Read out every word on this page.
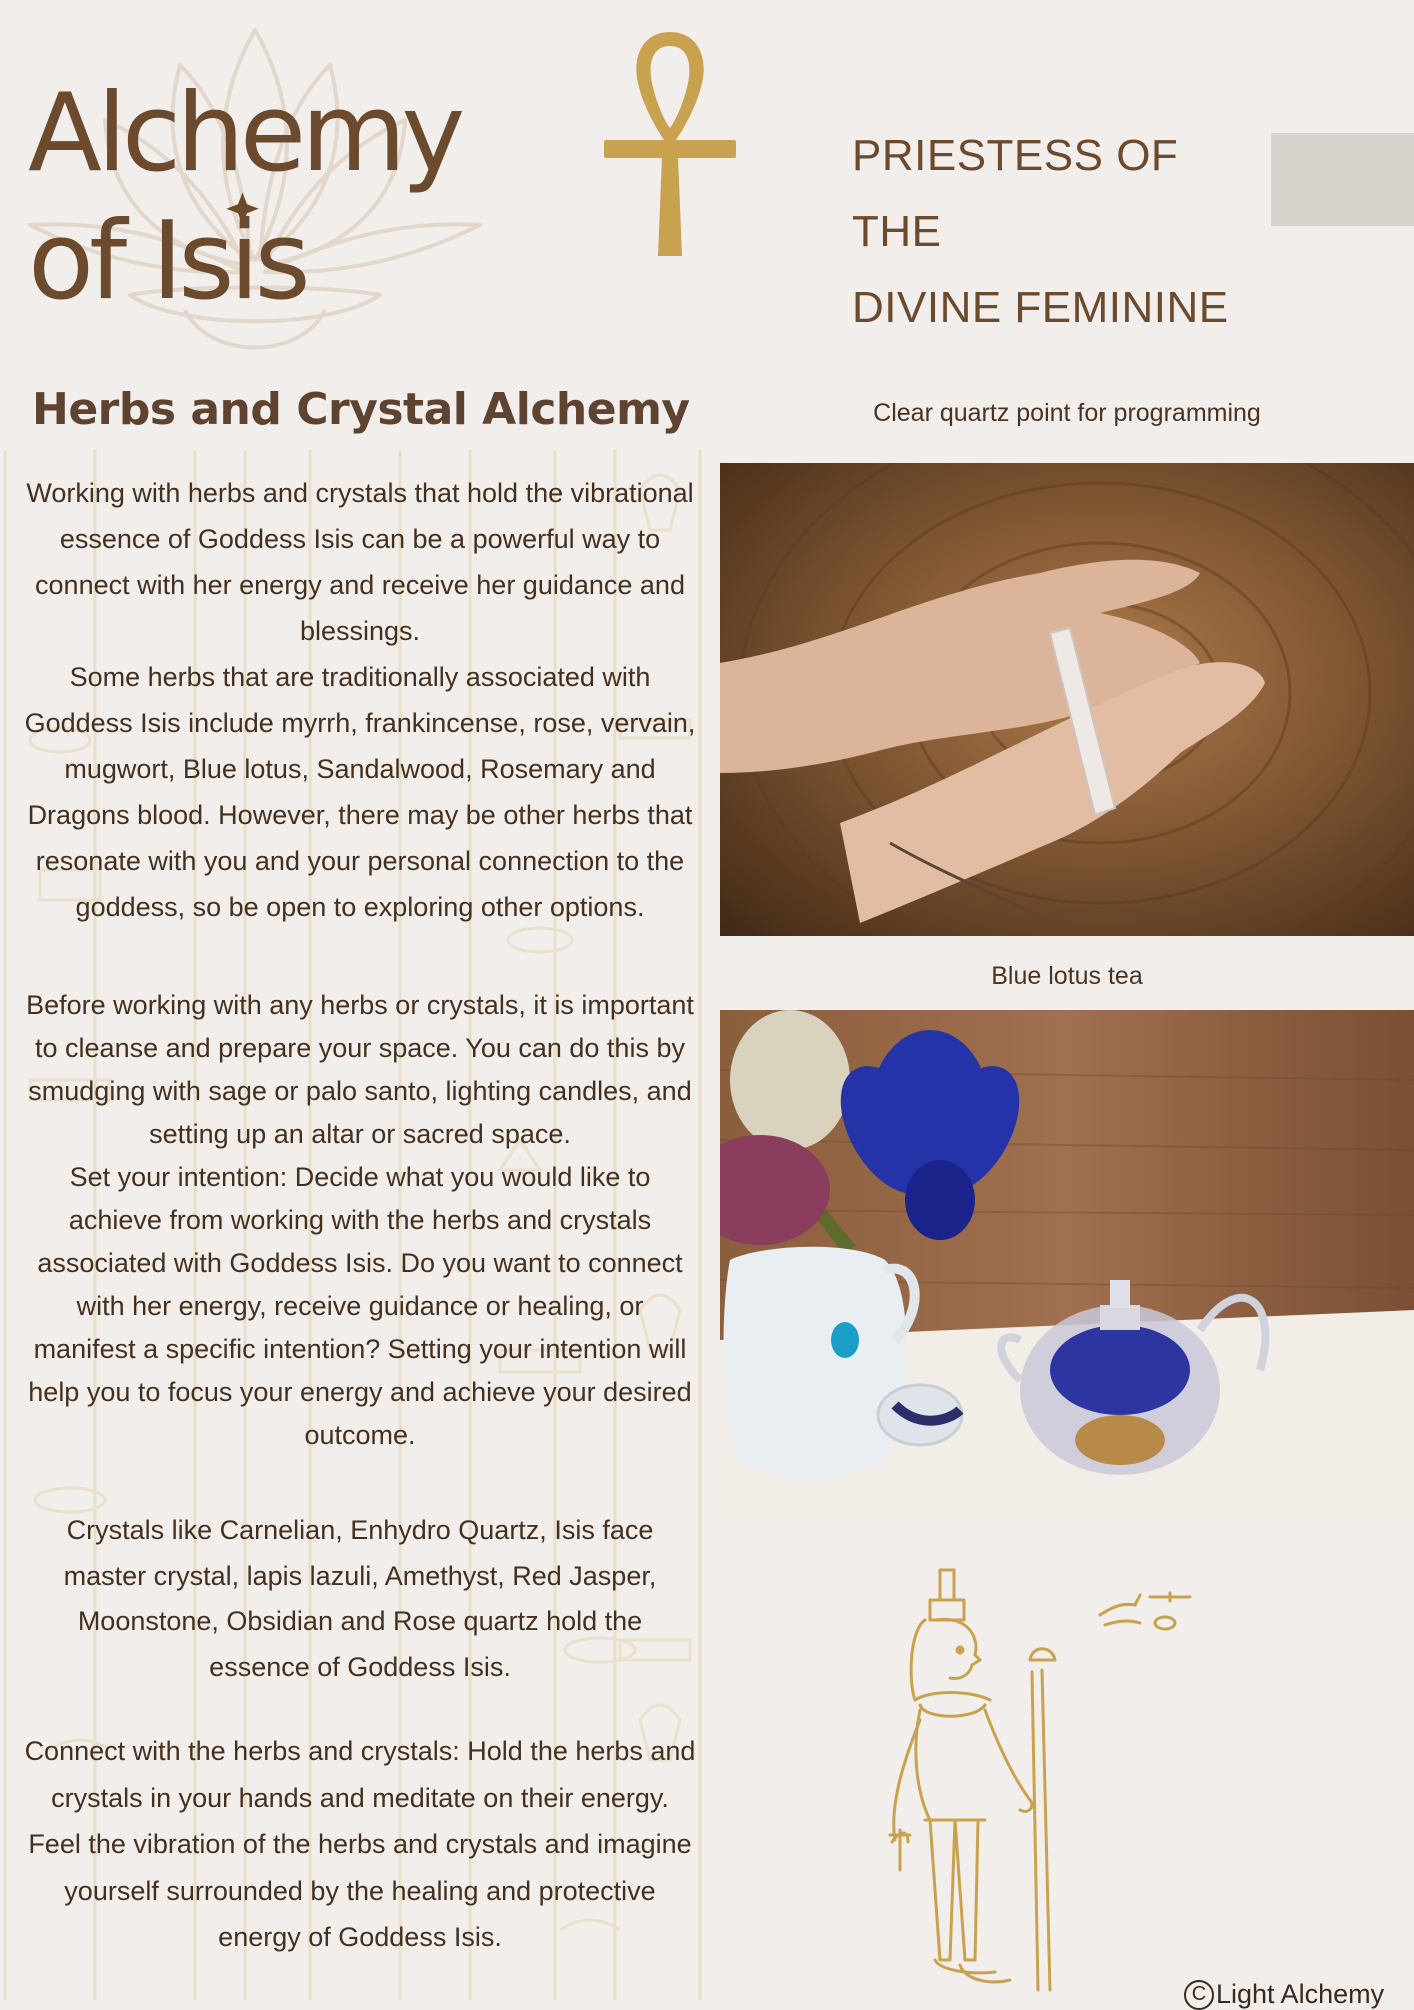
Alchemy
of Isis
PRIESTESS OF THE
DIVINE FEMININE
Herbs and Crystal Alchemy

Working with herbs and crystals that hold the vibrational essence of Goddess Isis can be a powerful way to connect with her energy and receive her guidance and blessings.
Some herbs that are traditionally associated with Goddess Isis include myrrh, frankincense, rose, vervain, mugwort, Blue lotus, Sandalwood, Rosemary and Dragons blood. However, there may be other herbs that resonate with you and your personal connection to the goddess, so be open to exploring other options.

Before working with any herbs or crystals, it is important to cleanse and prepare your space. You can do this by smudging with sage or palo santo, lighting candles, and setting up an altar or sacred space.
Set your intention: Decide what you would like to achieve from working with the herbs and crystals associated with Goddess Isis. Do you want to connect with her energy, receive guidance or healing, or manifest a specific intention? Setting your intention will help you to focus your energy and achieve your desired outcome.

Crystals like Carnelian, Enhydro Quartz, Isis face master crystal, lapis lazuli, Amethyst, Red Jasper, Moonstone, Obsidian and Rose quartz hold the essence of Goddess Isis.

Connect with the herbs and crystals: Hold the herbs and crystals in your hands and meditate on their energy. Feel the vibration of the herbs and crystals and imagine yourself surrounded by the healing and protective energy of Goddess Isis.

Clear quartz point for programming
Blue lotus tea
C Light Alchemy
